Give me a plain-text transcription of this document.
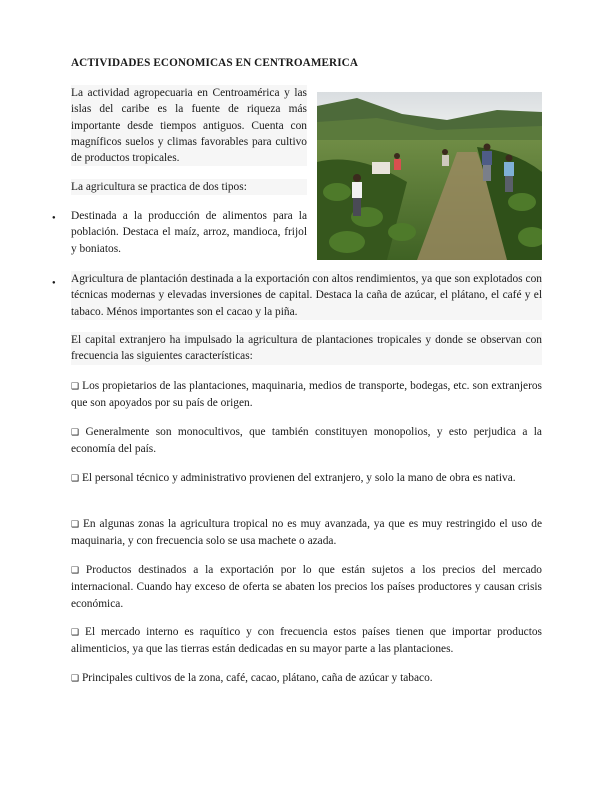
ACTIVIDADES ECONOMICAS EN CENTROAMERICA

La actividad agropecuaria en Centroamérica y las islas del caribe es la fuente de riqueza más importante desde tiempos antiguos. Cuenta con magníficos suelos y climas favorables para cultivo de productos tropicales.

La agricultura se practica de dos tipos:

● Destinada a la producción de alimentos para la población. Destaca el maíz, arroz, mandioca, frijol y boniatos.

● Agricultura de plantación destinada a la exportación con altos rendimientos, ya que son explotados con técnicas modernas y elevadas inversiones de capital. Destaca la caña de azúcar, el plátano, el café y el tabaco. Ménos importantes son el cacao y la piña.

El capital extranjero ha impulsado la agricultura de plantaciones tropicales y donde se observan con frecuencia las siguientes características:

❑ Los propietarios de las plantaciones, maquinaria, medios de transporte, bodegas, etc. son extranjeros que son apoyados por su país de origen.

❑ Generalmente son monocultivos, que también constituyen monopolios, y esto perjudica a la economía del país.

❑ El personal técnico y administrativo provienen del extranjero, y solo la mano de obra es nativa.

❑ En algunas zonas la agricultura tropical no es muy avanzada, ya que es muy restringido el uso de maquinaria, y con frecuencia solo se usa machete o azada.

❑ Productos destinados a la exportación por lo que están sujetos a los precios del mercado internacional. Cuando hay exceso de oferta se abaten los precios los países productores y causan crisis económica.

❑ El mercado interno es raquítico y con frecuencia estos países tienen que importar productos alimenticios, ya que las tierras están dedicadas en su mayor parte a las plantaciones.

❑ Principales cultivos de la zona, café, cacao, plátano, caña de azúcar y tabaco.
